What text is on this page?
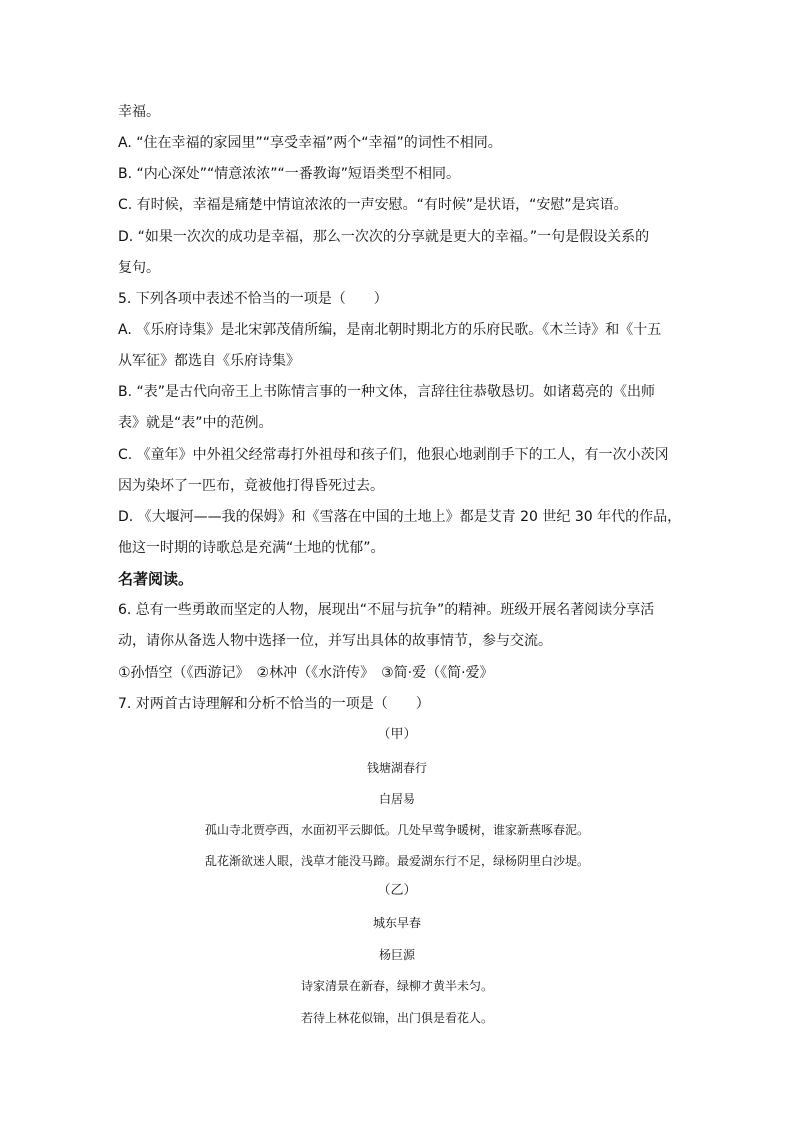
幸福。
A. “住在幸福的家园里”“享受幸福”两个“幸福”的词性不相同。
B. “内心深处”“情意浓浓”“一番教诲”短语类型不相同。
C. 有时候，幸福是痛楚中情谊浓浓的一声安慰。“有时候”是状语，“安慰”是宾语。
D. “如果一次次的成功是幸福，那么一次次的分享就是更大的幸福。”一句是假设关系的
复句。
5. 下列各项中表述不恰当的一项是（　　）
A. 《乐府诗集》是北宋郭茂倩所编，是南北朝时期北方的乐府民歌。《木兰诗》和《十五
从军征》都选自《乐府诗集》
B. “表”是古代向帝王上书陈情言事的一种文体，言辞往往恭敬恳切。如诸葛亮的《出师
表》就是“表”中的范例。
C. 《童年》中外祖父经常毒打外祖母和孩子们，他狠心地剥削手下的工人，有一次小茨冈
因为染坏了一匹布，竟被他打得昏死过去。
D. 《大堰河——我的保姆》和《雪落在中国的土地上》都是艾青 20 世纪 30 年代的作品，
他这一时期的诗歌总是充满“土地的忧郁”。
名著阅读。
6. 总有一些勇敢而坚定的人物，展现出“不屈与抗争”的精神。班级开展名著阅读分享活
动，请你从备选人物中选择一位，并写出具体的故事情节，参与交流。
①孙悟空（《西游记》　②林冲（《水浒传》　③简·爱（《简·爱》
7. 对两首古诗理解和分析不恰当的一项是（　　）
（甲）
钱塘湖春行
白居易
孤山寺北贾亭西，水面初平云脚低。几处早莺争暖树，谁家新燕啄春泥。
乱花渐欲迷人眼，浅草才能没马蹄。最爱湖东行不足，绿杨阴里白沙堤。
（乙）
城东早春
杨巨源
诗家清景在新春，绿柳才黄半未匀。
若待上林花似锦，出门俱是看花人。
